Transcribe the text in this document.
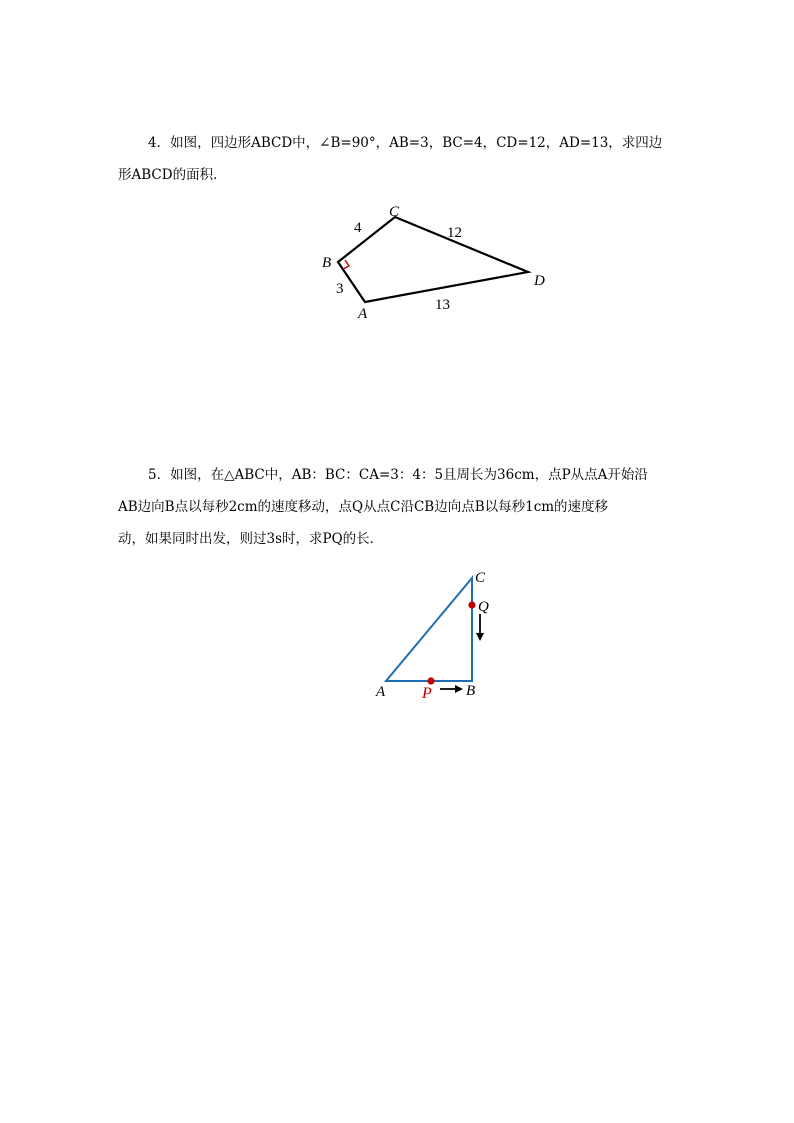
4．如图，四边形ABCD中，∠B=90°，AB=3，BC=4，CD=12，AD=13，求四边
形ABCD的面积．
A
B
C
D
4	12
3
13
5．如图，在△ABC中，AB：BC：CA=3：4：5且周长为36cm，点P从点A开始沿
AB边向B点以每秒2cm的速度移动，点Q从点C沿CB边向点B以每秒1cm的速度移
动，如果同时出发，则过3s时，求PQ的长．
A	B
C
P
Q
